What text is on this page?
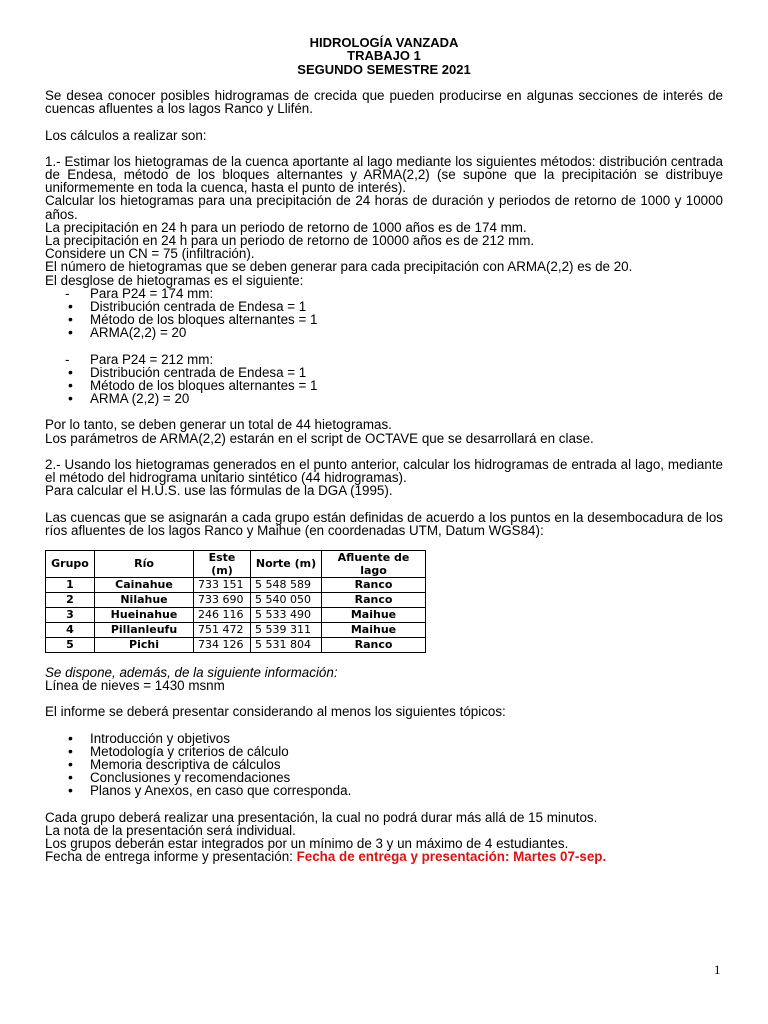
HIDROLOGÍA VANZADA
TRABAJO 1
SEGUNDO SEMESTRE 2021

Se desea conocer posibles hidrogramas de crecida que pueden producirse en algunas secciones de interés de cuencas afluentes a los lagos Ranco y Llifén.

Los cálculos a realizar son:

1.- Estimar los hietogramas de la cuenca aportante al lago mediante los siguientes métodos: distribución centrada de Endesa, método de los bloques alternantes y ARMA(2,2) (se supone que la precipitación se distribuye uniformemente en toda la cuenca, hasta el punto de interés).

Calcular los hietogramas para una precipitación de 24 horas de duración y periodos de retorno de 1000 y 10000 años.

La precipitación en 24 h para un periodo de retorno de 1000 años es de 174 mm.

La precipitación en 24 h para un periodo de retorno de 10000 años es de 212 mm.

Considere un CN = 75 (infiltración).

El número de hietogramas que se deben generar para cada precipitación con ARMA(2,2) es de 20.

El desglose de hietogramas es el siguiente:

- Para P24 = 174 mm:
• Distribución centrada de Endesa = 1
• Método de los bloques alternantes = 1
• ARMA(2,2) = 20
- Para P24 = 212 mm:
• Distribución centrada de Endesa = 1
• Método de los bloques alternantes = 1
• ARMA (2,2) = 20

Por lo tanto, se deben generar un total de 44 hietogramas.

Los parámetros de ARMA(2,2) estarán en el script de OCTAVE que se desarrollará en clase.

2.- Usando los hietogramas generados en el punto anterior, calcular los hidrogramas de entrada al lago, mediante el método del hidrograma unitario sintético (44 hidrogramas).

Para calcular el H.U.S. use las fórmulas de la DGA (1995).

Las cuencas que se asignarán a cada grupo están definidas de acuerdo a los puntos en la desembocadura de los ríos afluentes de los lagos Ranco y Maihue (en coordenadas UTM, Datum WGS84):

Grupo	Río	Este (m)	Norte (m)	Afluente de lago
1	Cainahue	733 151	5 548 589	Ranco
2	Nilahue	733 690	5 540 050	Ranco
3	Hueinahue	246 116	5 533 490	Maihue
4	Pillanleufu	751 472	5 539 311	Maihue
5	Pichi	734 126	5 531 804	Ranco

Se dispone, además, de la siguiente información:

Línea de nieves = 1430 msnm

El informe se deberá presentar considerando al menos los siguientes tópicos:

• Introducción y objetivos
• Metodología y criterios de cálculo
• Memoria descriptiva de cálculos
• Conclusiones y recomendaciones
• Planos y Anexos, en caso que corresponda.

Cada grupo deberá realizar una presentación, la cual no podrá durar más allá de 15 minutos.

La nota de la presentación será individual.

Los grupos deberán estar integrados por un mínimo de 3 y un máximo de 4 estudiantes.

Fecha de entrega informe y presentación: Fecha de entrega y presentación: Martes 07-sep.

1
